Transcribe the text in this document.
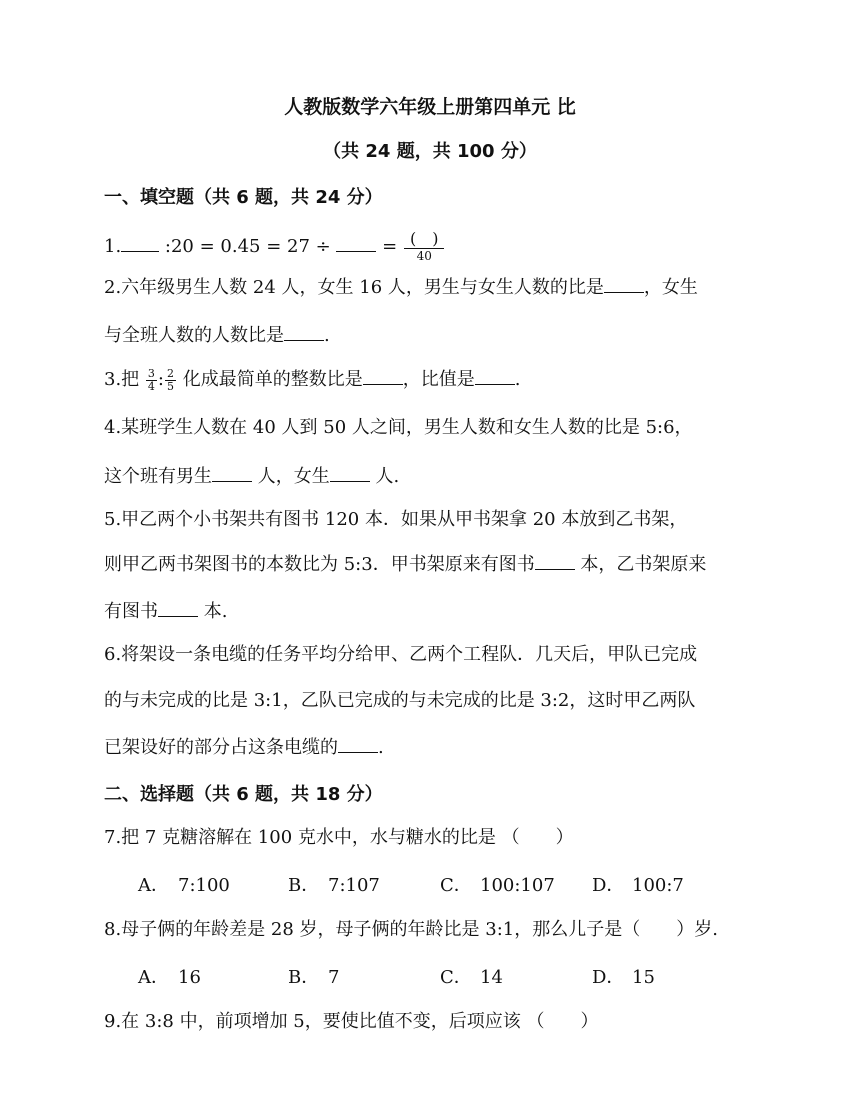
人教版数学六年级上册第四单元 比
（共 24 题，共 100 分）
一、填空题（共 6 题，共 24 分）
1. :20 = 0.45 = 27 ÷  = $\frac{( )}{40}$
2.六年级男生人数 24 人，女生 16 人，男生与女生人数的比是 ，女生
与全班人数的人数比是 .
3.把 $\frac{3}{4}$ : $\frac{2}{5}$ 化成最简单的整数比是 ，比值是 .
4.某班学生人数在 40 人到 50 人之间，男生人数和女生人数的比是 5:6，
这个班有男生 人，女生 人.
5.甲乙两个小书架共有图书 120 本．如果从甲书架拿 20 本放到乙书架，
则甲乙两书架图书的本数比为 5:3．甲书架原来有图书 本，乙书架原来
有图书 本.
6.将架设一条电缆的任务平均分给甲、乙两个工程队．几天后，甲队已完成
的与未完成的比是 3:1，乙队已完成的与未完成的比是 3:2，这时甲乙两队
已架设好的部分占这条电缆的 .
二、选择题（共 6 题，共 18 分）
7.把 7 克糖溶解在 100 克水中，水与糖水的比是 （　　）
A． 7:100	B． 7:107	C． 100:107 D． 100:7
8.母子俩的年龄差是 28 岁，母子俩的年龄比是 3:1，那么儿子是（　　）岁.
A． 16	B． 7	C． 14	D． 15
9.在 3:8 中，前项增加 5，要使比值不变，后项应该 （　　）
